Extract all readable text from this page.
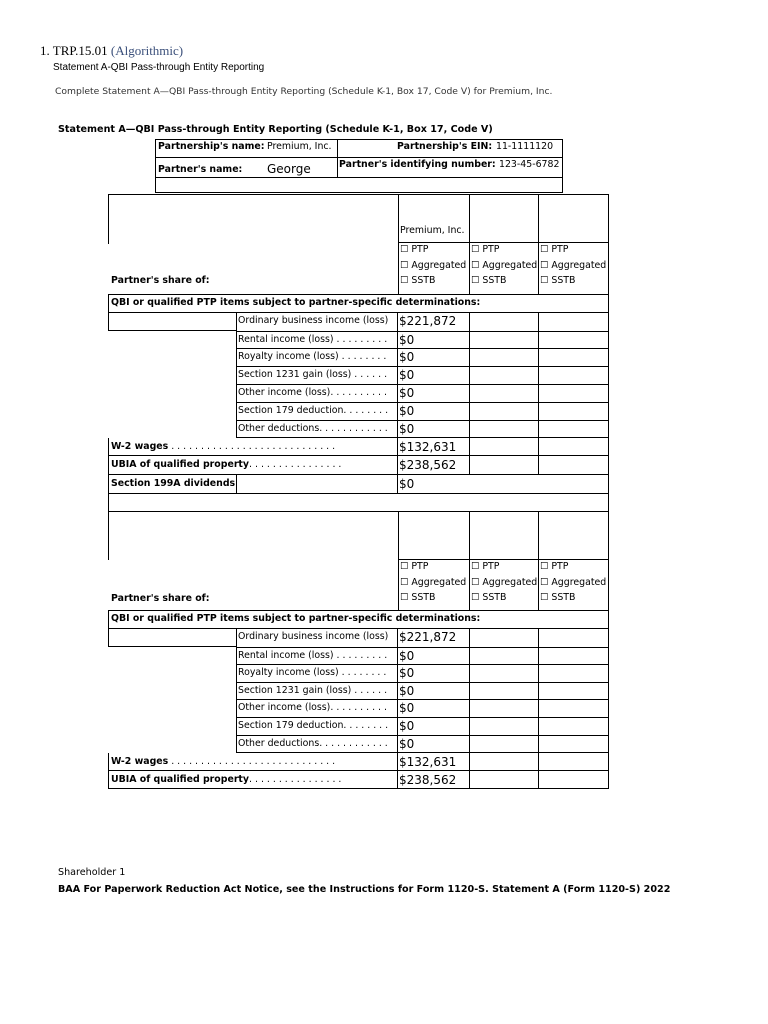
1. TRP.15.01 (Algorithmic)
Statement A-QBI Pass-through Entity Reporting
Complete Statement A—QBI Pass-through Entity Reporting (Schedule K-1, Box 17, Code V) for Premium, Inc.
Statement A—QBI Pass-through Entity Reporting (Schedule K-1, Box 17, Code V)
Partnership's name: Premium, Inc.	Partnership's EIN: 11-1111120
Partner's name: George	Partner's identifying number: 123-45-6782
Premium, Inc.
☐ PTP
☐ Aggregated
☐ SSTB
☐ PTP
☐ Aggregated
☐ SSTB
☐ PTP
☐ Aggregated
☐ SSTB
Partner's share of:
QBI or qualified PTP items subject to partner-specific determinations:
Ordinary business income (loss)
Rental income (loss) . . . . . . . . .
Royalty income (loss) . . . . . . . .
Section 1231 gain (loss) . . . . . .
Other income (loss). . . . . . . . . .
Section 179 deduction. . . . . . . .
Other deductions. . . . . . . . . . . .
$221,872
$0
$0
$0
$0
$0
$0
W-2 wages . . . . . . . . . . . . . . . . . . . . . . . . . . . .
UBIA of qualified property. . . . . . . . . . . . . . . .
Section 199A dividends
$132,631
$238,562
$0
☐ PTP
☐ Aggregated
☐ SSTB
☐ PTP
☐ Aggregated
☐ SSTB
☐ PTP
☐ Aggregated
☐ SSTB
Partner's share of:
QBI or qualified PTP items subject to partner-specific determinations:
Ordinary business income (loss)
Rental income (loss) . . . . . . . . .
Royalty income (loss) . . . . . . . .
Section 1231 gain (loss) . . . . . .
Other income (loss). . . . . . . . . .
Section 179 deduction. . . . . . . .
Other deductions. . . . . . . . . . . .
$221,872
$0
$0
$0
$0
$0
$0
W-2 wages . . . . . . . . . . . . . . . . . . . . . . . . . . . .
UBIA of qualified property. . . . . . . . . . . . . . . .
$132,631
$238,562
Shareholder 1
BAA For Paperwork Reduction Act Notice, see the Instructions for Form 1120-S. Statement A (Form 1120-S) 2022
